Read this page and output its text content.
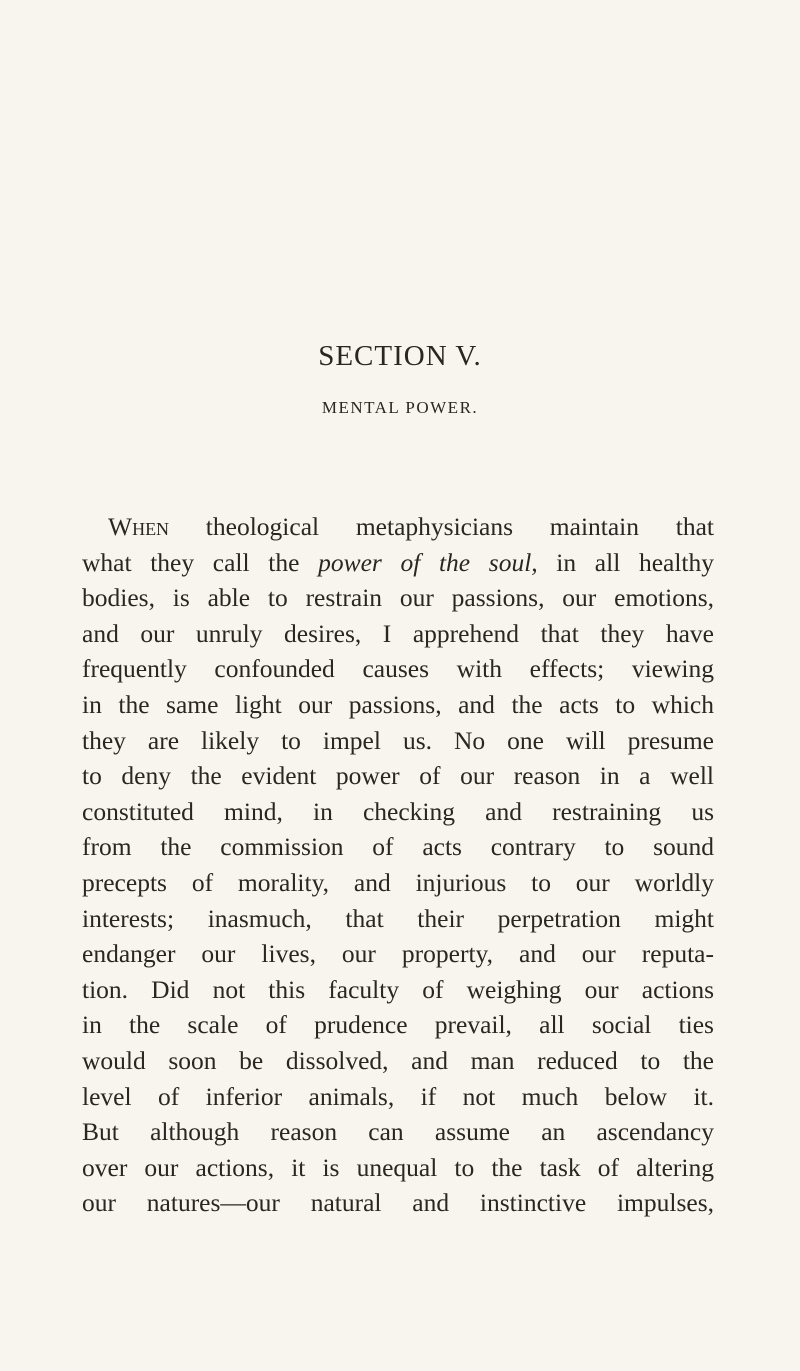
SECTION V.
MENTAL POWER.
When theological metaphysicians maintain that
what they call the power of the soul, in all healthy
bodies, is able to restrain our passions, our emotions,
and our unruly desires, I apprehend that they have
frequently confounded causes with effects; viewing
in the same light our passions, and the acts to which
they are likely to impel us. No one will presume
to deny the evident power of our reason in a well
constituted mind, in checking and restraining us
from the commission of acts contrary to sound
precepts of morality, and injurious to our worldly
interests; inasmuch, that their perpetration might
endanger our lives, our property, and our reputa-
tion. Did not this faculty of weighing our actions
in the scale of prudence prevail, all social ties
would soon be dissolved, and man reduced to the
level of inferior animals, if not much below it.
But although reason can assume an ascendancy
over our actions, it is unequal to the task of altering
our natures—our natural and instinctive impulses,
